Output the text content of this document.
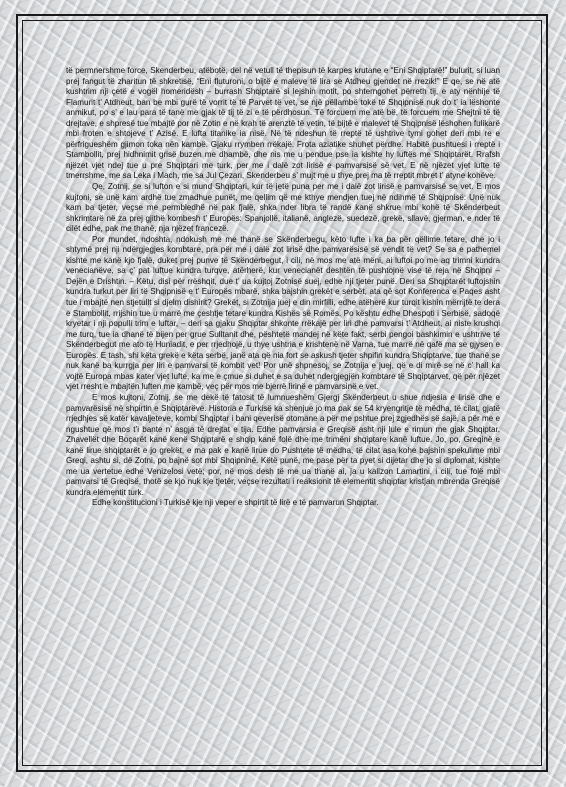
të permnershme force, Skenderbeu, atëbotë, del në vetull të thepisun të karpes krutane e “Eni Shqiptarë!” bulurit, si luan prej fangut të zharitun të shkretisë, “Eni fluturoni, o bijtë e maleve të lira se Atdheu gjendet në rrezik!” E qe, se në atë kushtrim nji çetë e vogël homeridësh – burrash Shqiptarë si lejshin motit, po shterngohet përreth tij, e aty nënhije të Flamurit t’ Atdheut, ban be mbi gurë të vorrit të të Parvet të vet, se një pëllambë tokë të Shqipnisë nuk do t’ ia lëshonte anmikut, po s’ e lau para të tanë me gjak të tij të zi e të përdhosun. Të forcuem me atë bë, të forcuem me Shejtni të të drejtave, e shpresë tue mbajtë por në Zotin e në krah të arenztë të vetin, të bijtë e malevet të Shqipnisë lëshohen fulikarë mbi froten e shtojeve t’ Azisë. E lufta titanike ia nisë. Në të ndeshun të rreptë të ushtrive tymi gohet deri mbi re e përfrigueshëm gjimon toka nën kambë. Gjaku rrymben rrëkajë. Frota aziatike shuhet përdhe. Habitë pushtuesi i rreptë i Stambollit, prej hidhnimit grisë buzen me dhambë, dhe nis me u pendue pse ia kishte hy luftës me Shqiptarët. Rrafsh njëzet vjet ndej tue u pre Shqiptari me turk, per me i dalë zot lirisë e pamvarsisë së vet. E në njëzet vjet lufte të tmerrshme, me sa Leka i Mach, me sa Jul Çezari, Skenderbeu s’ mujt me u thye prej ma të rreptit mbret t’ atyne kohëve.

Qe, Zotnij, se si lufton e si mund Shqiptari, kur të jetë puna per me i dalë zot lirisë e pamvarsisë se vet. E mos kujtoni, se unë kam ardhë tue zmadhue punët, me qellim që me kthye mendjen tuej në ndihmë të Shqipnisë: Unë nuk kam ba tjeter, veçse me permbledhë në pak fjalë, shka nder libra të randë kanë shkrue mbi kohë të Skënderbeut shkrimtarë në za prej gjithë kombesh t’ Europës: Spanjollë, italianë, anglezë, suedezë, grekë, sllavë, gjerman, e nder të cilët edhe, pak me thanë, nja njëzet francezë.

Por mundet, ndoshta, ndokush me me thanë se Skënderbegu, këto lufte i ka ba për qëllime fetare, dhe jo i shtymë prej nji ndërgjegjes kombtare, pra për me i dalë zot lirisë dhe pamvarësisë së vendit të vet? Se sa e pathemel kishte me kanë kjo fjalë, duket prej punve të Skënderbegut, i cili, në mos me atë mëni, ai luftoi po me aq trimni kundra venecianëve, sa ç’ pat luftue kundra turqve, atërherë, kur venecianët deshtën të pushtojnë vise të reja në Shqipni – Dejën e Drishtin. – Këtu, disi për rrëshqit, due t’ ua kujtoj Zotnisë suej, edhe nji tjeter punë. Deri sa Shqiptarët luftojshin kundra turkut per liri të Shqipnisë e t’ Europës mbarë, shka bajshin grekët e serbët, ata që sot Konferenca e Paqes asht tue i mbajtë nen stjetullt si djelm dishirit? Grekët, si Zotnija juej e din mirfilli, edhe atëherë kur turqit kishin mërrijtë te dera e Stambollit, rrijshin tue u marrë me çeshtje fetare kundra Kishës së Romës. Po kështu edhe Dhespoti i Serbisë, sadoqë kryetar i nji populli trim e luftar, – deri sa gjaku Shqiptar shkonte rrëkajë per liri dhe pamvarsi t’ Atdheut, ai niste krushqi me turq, tue ia dhanë të bijen per grue Sulltanit dhe, pështetë mandej në këte fakt, serbi pengoi bashkimin e ushtrive të Skënderbegut me ato të Huniadit, e per rrjedhojë, u thye ushtria e krishtenë në Varna, tue marrë në qafë ma se gjysen e Europës. E tash, shi këta grekë e këta serbë, janë ata që nia fort se askush tjeter shpifin kundra Shqiptarve, tue thanë se nuk kanë ba kurrgja per liri e pamvarsi të kombit vet! Por unë shpnesoj, se Zotnija e juej, që e di mirë se në c’ hall ka vojtë Europa mbas kater vjet lufte, ka me e çmue si duhet e sa duhet ndergjegjën kombtare të Shqiptarvet, që për njëzet vjet rresht e mbajtën luften me kambë, veç për mos me bjerrë lirinë e pamvarsinë e vet.

E mos kujtoni, Zotnij, se me dekë të fatosit të lumnueshëm Gjergj Skënderbeut u shue ndjesia e lirisë dhe e pamvarësisë në shpirtin e Shqiptarëve. Historia e Turkisë ka shenjue jo ma pak se 54 kryengritje të mëdha, të cilat, gjatë rrjedhjes së katër kavaljeteve, kombi Shqiptar i bani qeverisë otomane a për me pshtue prej zgjedhës së sajë, a për me e ngushtue që mos t’i bante n’ asgja të drejtat e tija. Edhe pamvarsia e Greqisë asht nji lule e rimun me gjak Shqiptar. Zhavellët dhe Boçarët kanë kenë Shqiptarë e shqip kanë folë dhe me trimëni shqiptare kanë luftue. Jo, po, Greqinë e kanë lirue shqiptarët e jo grekët, e ma pak e kanë lirue do Pushtete të mëdha, të cilat asa kohe bajshin spekulime mbi Greqi, ashtu si, dë Zotni, po bajnë sot mbi Shqipninë. Këtë punë, me pase për ta pyet si dijetar dhe jo si diplomat, kishte me ua vertetue edhe Venizelosi vetë; por, në mos desh të me ua thanë ai, ja u kallzon Lamartini, i cili, tue folë mbi pamvarsi të Greqisë, thotë se kjo nuk kje tjetër, veçse rezultati i reaksionit të elementit shqiptar kristjan mbrenda Greqisë kundra elementit turk.

Edhe konstitucioni i Turkisë kje nji veper e shpirtit të lirë e të pamvarun Shqiptar.
